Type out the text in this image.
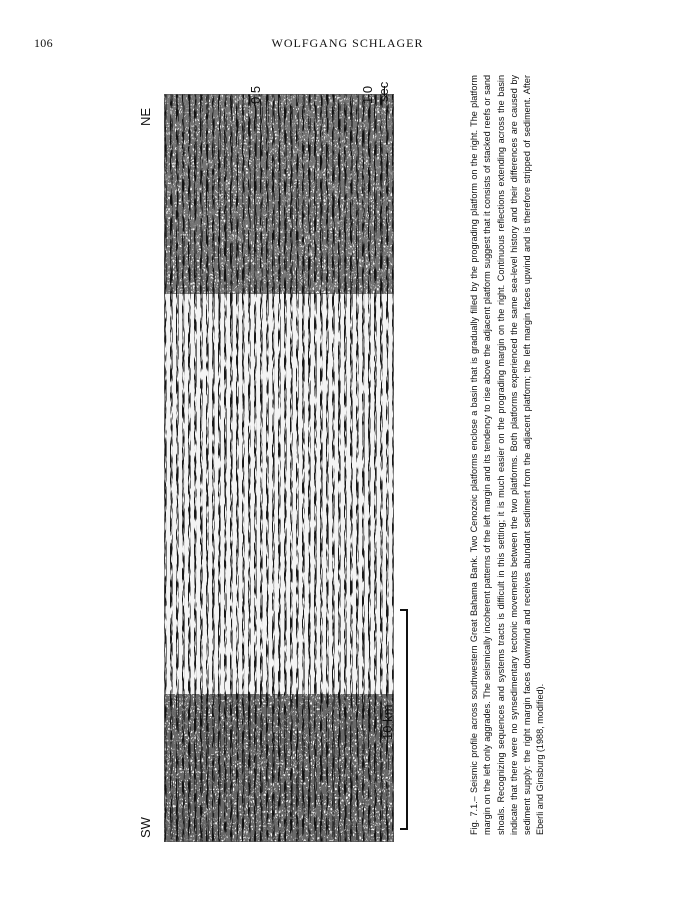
106	WOLFGANG SCHLAGER
0.5	1.0 sec
NE
SW
10 km	Fig. 7.1.– Seismic profile across southwestern Great Bahama Bank. Two Cenozoic platforms enclose a basin that is gradually filled by the prograding platform on the right. The platform margin on the left only aggrades. The seismically incoherent patterns of the left margin and its tendency to rise above the adjacent platform suggest that it consists of stacked reefs or sand shoals. Recognizing sequences and systems tracts is difficult in this setting; it is much easier on the prograding margin on the right. Continuous reflections extending across the basin indicate that there were no synsedimentary tectonic movements between the two platforms. Both platforms experienced the same sea-level history and their differences are caused by sediment supply: the right margin faces downwind and receives abundant sediment from the adjacent platform; the left margin faces upwind and is therefore stripped of sediment. After Eberli and Ginsburg (1988, modified).
